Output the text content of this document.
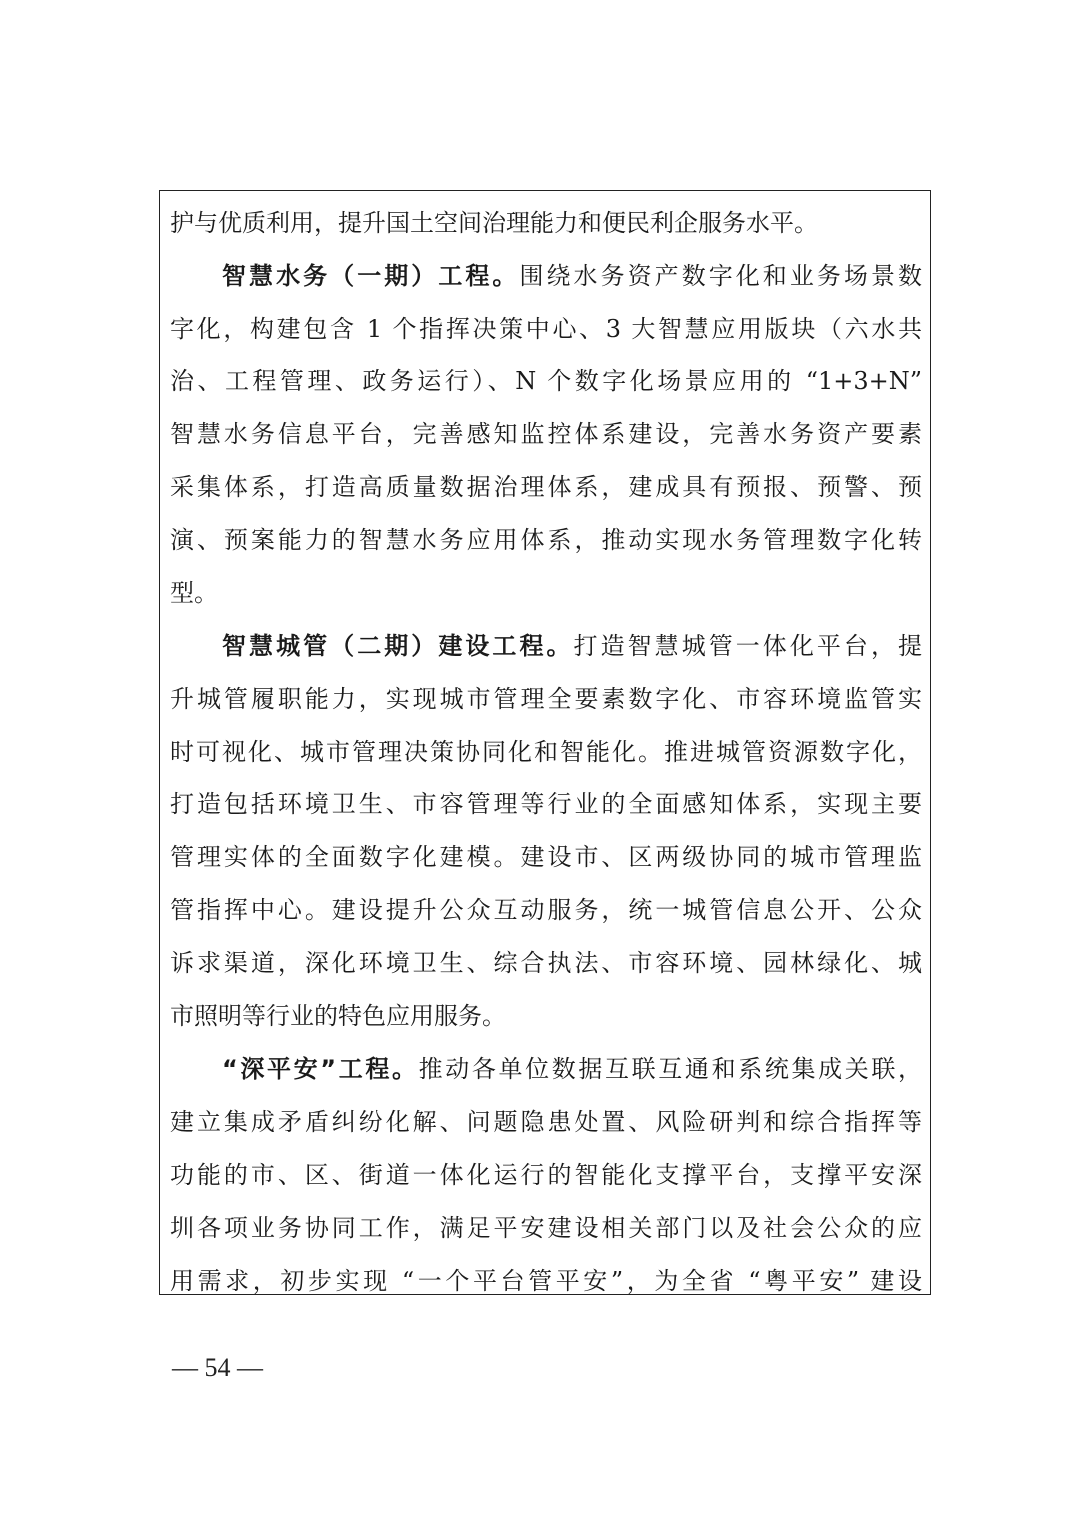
护与优质利用，提升国土空间治理能力和便民利企服务水平。
智慧水务（一期）工程。围绕水务资产数字化和业务场景数
字化，构建包含 1 个指挥决策中心、3 大智慧应用版块（六水共
治、工程管理、政务运行）、N 个数字化场景应用的 “1+3+N”
智慧水务信息平台，完善感知监控体系建设，完善水务资产要素
采集体系，打造高质量数据治理体系，建成具有预报、预警、预
演、预案能力的智慧水务应用体系，推动实现水务管理数字化转
型。
智慧城管（二期）建设工程。打造智慧城管一体化平台，提
升城管履职能力，实现城市管理全要素数字化、市容环境监管实
时可视化、城市管理决策协同化和智能化。推进城管资源数字化，
打造包括环境卫生、市容管理等行业的全面感知体系，实现主要
管理实体的全面数字化建模。建设市、区两级协同的城市管理监
管指挥中心。建设提升公众互动服务，统一城管信息公开、公众
诉求渠道，深化环境卫生、综合执法、市容环境、园林绿化、城
市照明等行业的特色应用服务。
“深平安”工程。推动各单位数据互联互通和系统集成关联，
建立集成矛盾纠纷化解、问题隐患处置、风险研判和综合指挥等
功能的市、区、街道一体化运行的智能化支撑平台，支撑平安深
圳各项业务协同工作，满足平安建设相关部门以及社会公众的应
用需求，初步实现 “一个平台管平安”，为全省 “粤平安” 建设
— 54 —
